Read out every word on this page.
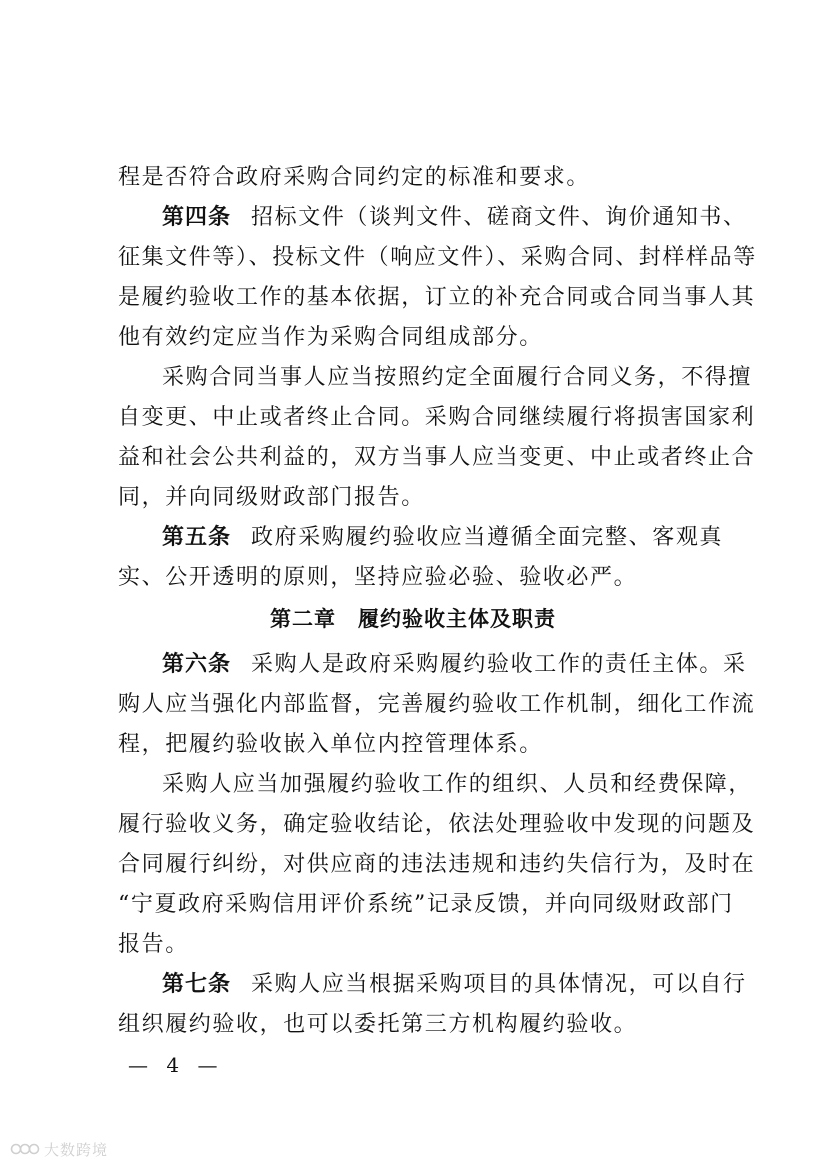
程是否符合政府采购合同约定的标准和要求。
第四条 招标文件（谈判文件、磋商文件、询价通知书、
征集文件等）、投标文件（响应文件）、采购合同、封样样品等
是履约验收工作的基本依据，订立的补充合同或合同当事人其
他有效约定应当作为采购合同组成部分。
采购合同当事人应当按照约定全面履行合同义务，不得擅
自变更、中止或者终止合同。采购合同继续履行将损害国家利
益和社会公共利益的，双方当事人应当变更、中止或者终止合
同，并向同级财政部门报告。
第五条 政府采购履约验收应当遵循全面完整、客观真
实、公开透明的原则，坚持应验必验、验收必严。
第二章　履约验收主体及职责
第六条 采购人是政府采购履约验收工作的责任主体。采
购人应当强化内部监督，完善履约验收工作机制，细化工作流
程，把履约验收嵌入单位内控管理体系。
采购人应当加强履约验收工作的组织、人员和经费保障，
履行验收义务，确定验收结论，依法处理验收中发现的问题及
合同履行纠纷，对供应商的违法违规和违约失信行为，及时在
“宁夏政府采购信用评价系统”记录反馈，并向同级财政部门
报告。
第七条 采购人应当根据采购项目的具体情况，可以自行
组织履约验收，也可以委托第三方机构履约验收。
— 4 —
大数跨境
